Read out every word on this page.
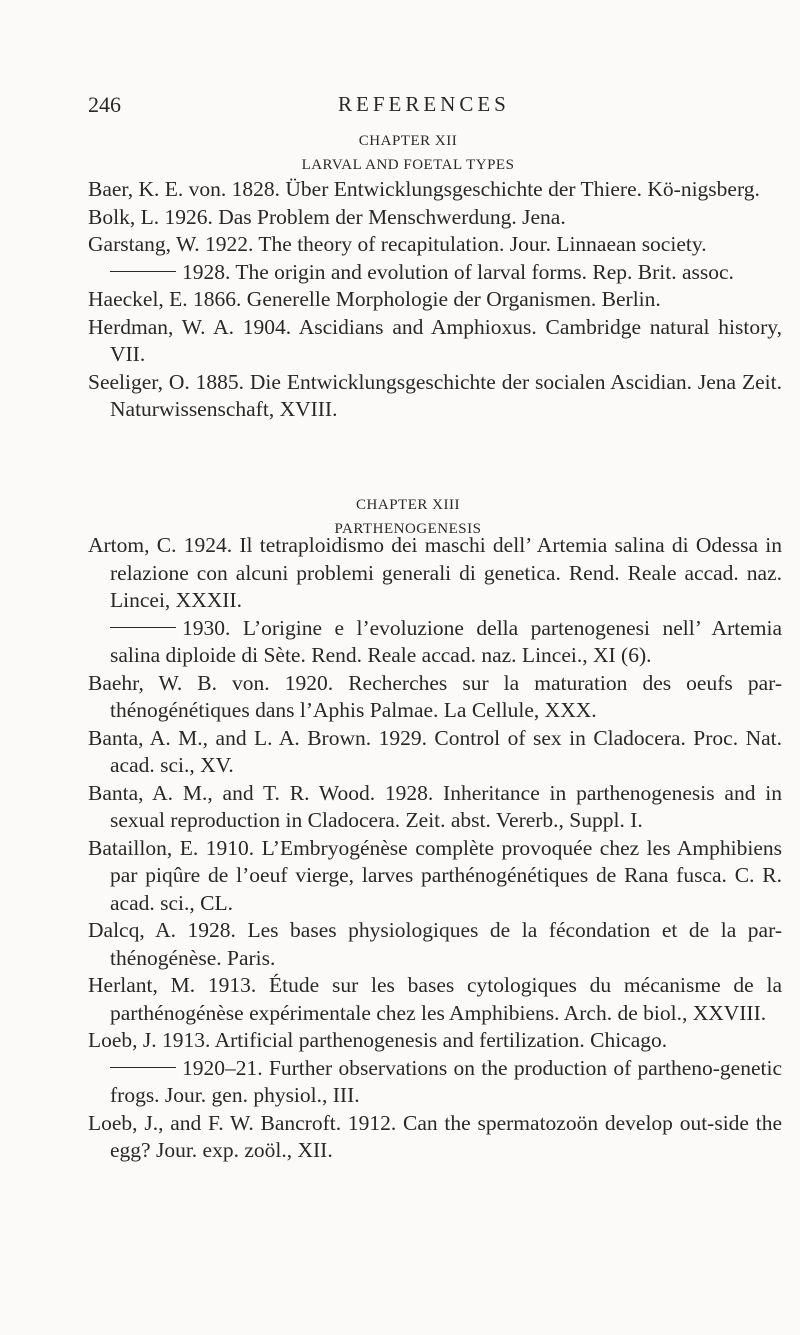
246	REFERENCES
CHAPTER XII
LARVAL AND FOETAL TYPES
Baer, K. E. von. 1828. Über Entwicklungsgeschichte der Thiere. Kö-nigsberg.
Bolk, L. 1926. Das Problem der Menschwerdung. Jena.
Garstang, W. 1922. The theory of recapitulation. Jour. Linnaean society.
1928. The origin and evolution of larval forms. Rep. Brit. assoc.
Haeckel, E. 1866. Generelle Morphologie der Organismen. Berlin.
Herdman, W. A. 1904. Ascidians and Amphioxus. Cambridge natural history, VII.
Seeliger, O. 1885. Die Entwicklungsgeschichte der socialen Ascidian. Jena Zeit. Naturwissenschaft, XVIII.
CHAPTER XIII
PARTHENOGENESIS
Artom, C. 1924. Il tetraploidismo dei maschi dell’ Artemia salina di Odessa in relazione con alcuni problemi generali di genetica. Rend. Reale accad. naz. Lincei, XXXII.
1930. L’origine e l’evoluzione della partenogenesi nell’ Artemia salina diploide di Sète. Rend. Reale accad. naz. Lincei., XI (6).
Baehr, W. B. von. 1920. Recherches sur la maturation des oeufs par-thénogénétiques dans l’Aphis Palmae. La Cellule, XXX.
Banta, A. M., and L. A. Brown. 1929. Control of sex in Cladocera. Proc. Nat. acad. sci., XV.
Banta, A. M., and T. R. Wood. 1928. Inheritance in parthenogenesis and in sexual reproduction in Cladocera. Zeit. abst. Vererb., Suppl. I.
Bataillon, E. 1910. L’Embryogénèse complète provoquée chez les Amphibiens par piqûre de l’oeuf vierge, larves parthénogénétiques de Rana fusca. C. R. acad. sci., CL.
Dalcq, A. 1928. Les bases physiologiques de la fécondation et de la par-thénogénèse. Paris.
Herlant, M. 1913. Étude sur les bases cytologiques du mécanisme de la parthénogénèse expérimentale chez les Amphibiens. Arch. de biol., XXVIII.
Loeb, J. 1913. Artificial parthenogenesis and fertilization. Chicago.
1920–21. Further observations on the production of partheno-genetic frogs. Jour. gen. physiol., III.
Loeb, J., and F. W. Bancroft. 1912. Can the spermatozoön develop out-side the egg? Jour. exp. zoöl., XII.
